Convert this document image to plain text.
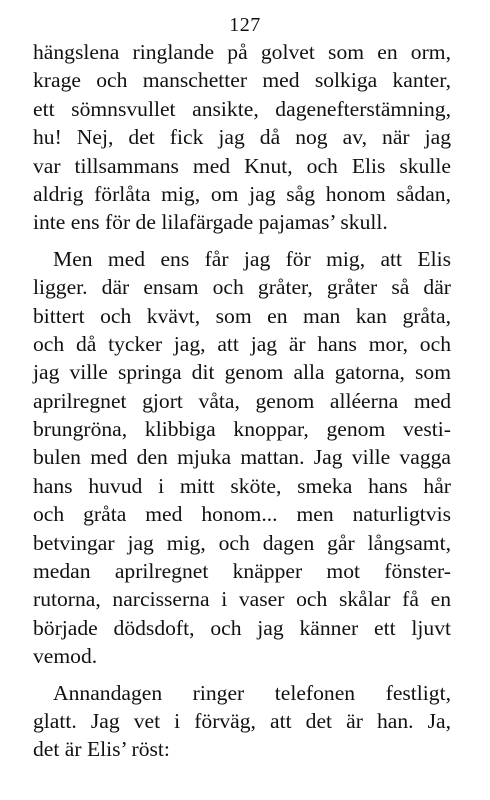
127
hängslena ringlande på golvet som en orm,
krage och manschetter med solkiga kanter,
ett sömnsvullet ansikte, dagenefterstämning,
hu! Nej, det fick jag då nog av, när jag
var tillsammans med Knut, och Elis skulle
aldrig förlåta mig, om jag såg honom sådan,
inte ens för de lilafärgade pajamas’ skull.
Men med ens får jag för mig, att Elis
ligger. där ensam och gråter, gråter så där
bittert och kvävt, som en man kan gråta,
och då tycker jag, att jag är hans mor, och
jag ville springa dit genom alla gatorna, som
aprilregnet gjort våta, genom alléerna med
brungröna, klibbiga knoppar, genom vesti-
bulen med den mjuka mattan. Jag ville vagga
hans huvud i mitt sköte, smeka hans hår
och gråta med honom... men naturligtvis
betvingar jag mig, och dagen går långsamt,
medan aprilregnet knäpper mot fönster-
rutorna, narcisserna i vaser och skålar få en
började dödsdoft, och jag känner ett ljuvt
vemod.
Annandagen ringer telefonen festligt,
glatt. Jag vet i förväg, att det är han. Ja,
det är Elis’ röst:
